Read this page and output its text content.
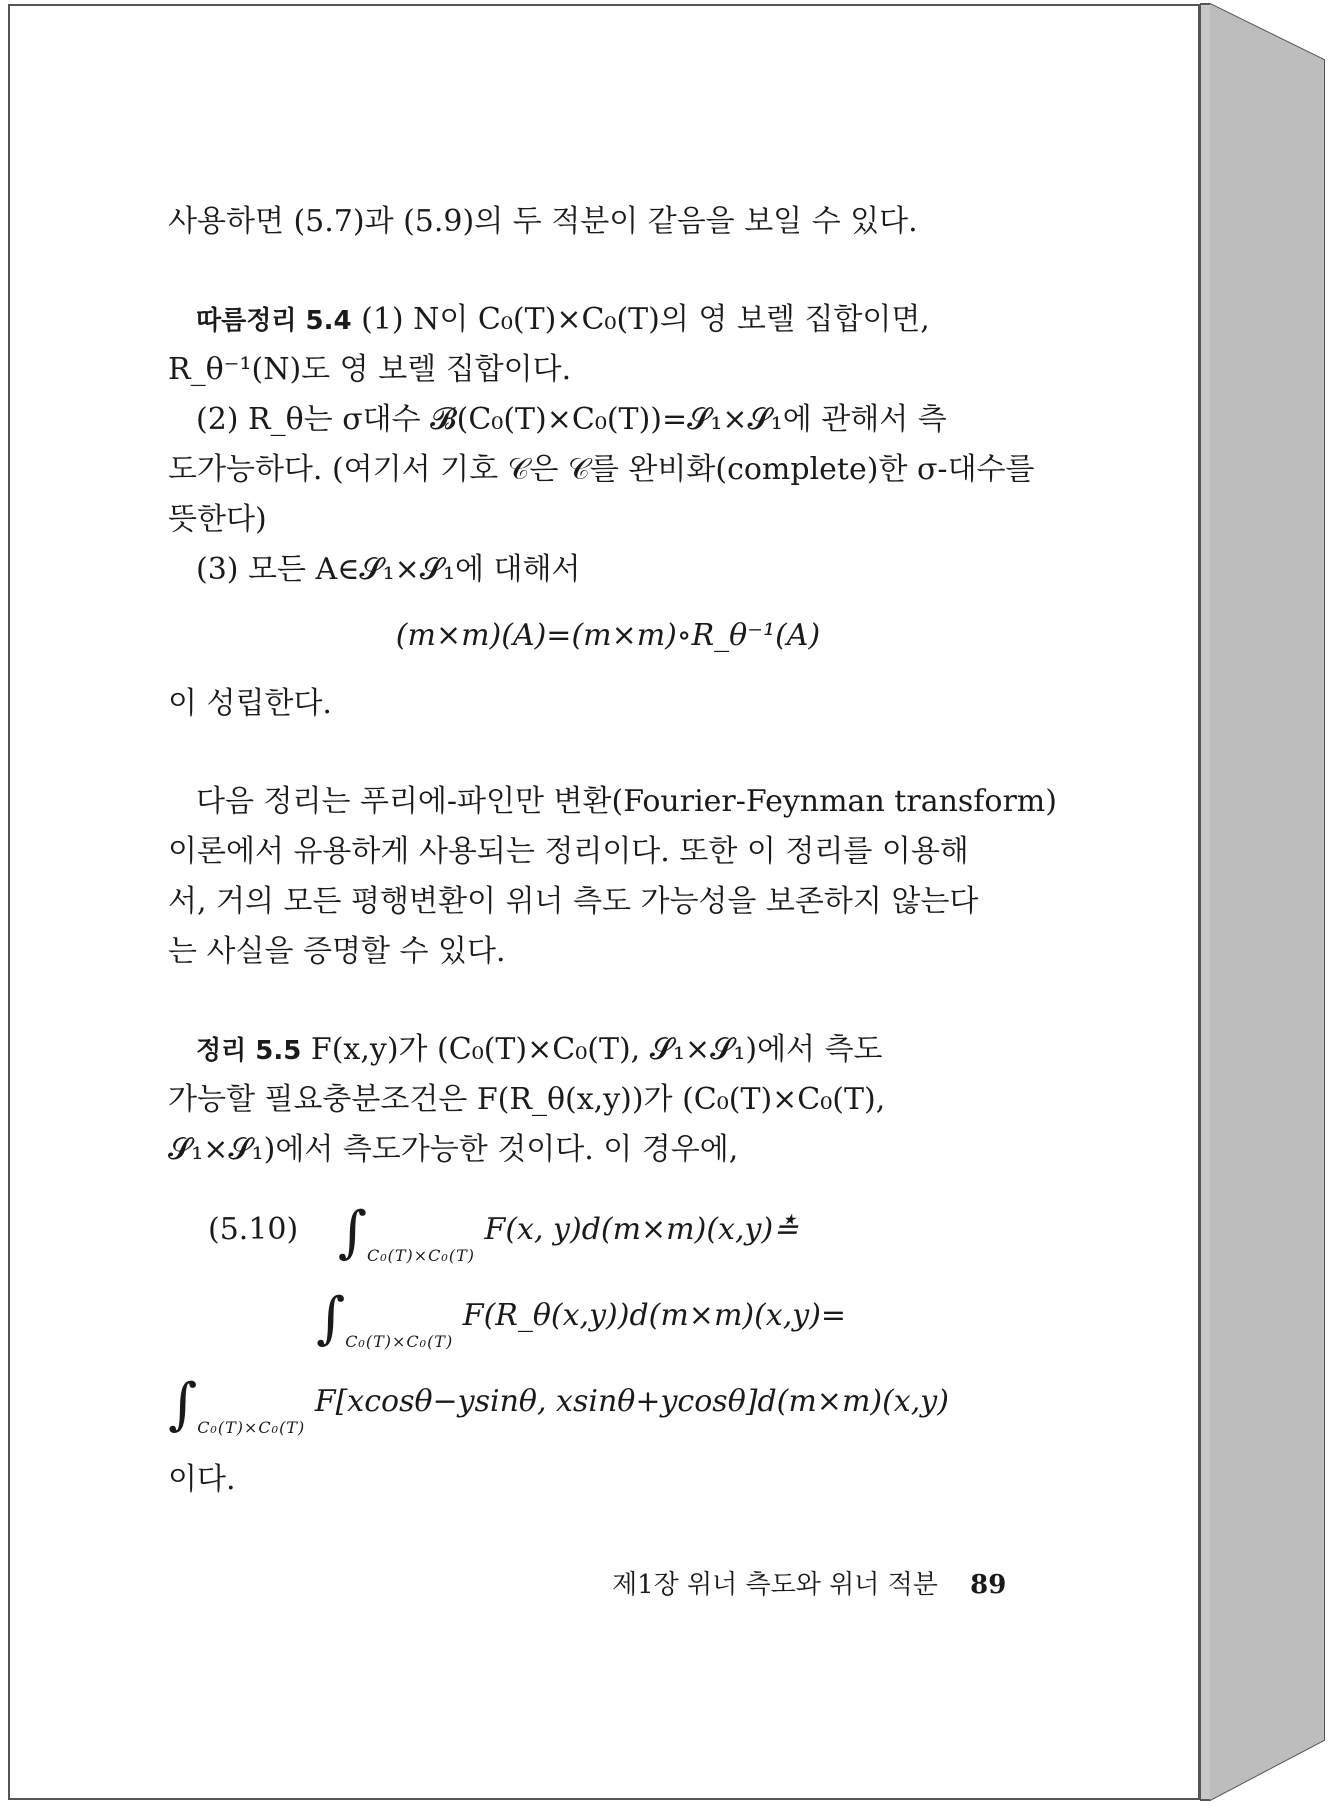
사용하면 (5.7)과 (5.9)의 두 적분이 같음을 보일 수 있다.
따름정리 5.4 (1) N이 C₀(T)×C₀(T)의 영 보렐 집합이면,
R_θ⁻¹(N)도 영 보렐 집합이다.
(2) R_θ는 σ대수 𝓑(C₀(T)×C₀(T))=𝓢₁×𝓢₁에 관해서 측
도가능하다. (여기서 기호 𝒞은 𝒞를 완비화(complete)한 σ-대수를
뜻한다)
(3) 모든 A∈𝓢₁×𝓢₁에 대해서
(m×m)(A)=(m×m)∘R_θ⁻¹(A)
이 성립한다.
다음 정리는 푸리에-파인만 변환(Fourier-Feynman transform)
이론에서 유용하게 사용되는 정리이다. 또한 이 정리를 이용해
서, 거의 모든 평행변환이 위너 측도 가능성을 보존하지 않는다
는 사실을 증명할 수 있다.
정리 5.5 F(x,y)가 (C₀(T)×C₀(T), 𝓢₁×𝓢₁)에서 측도
가능할 필요충분조건은 F(R_θ(x,y))가 (C₀(T)×C₀(T),
𝓢₁×𝓢₁)에서 측도가능한 것이다. 이 경우에,
(5.10) $\int_{C_0(T)\times C_0(T)}$ F(x, y)d(m×m)(x,y)≛
$\int_{C_0(T)\times C_0(T)}$ F(R_θ(x,y))d(m×m)(x,y)=
$\int_{C_0(T)\times C_0(T)}$ F[xcosθ−ysinθ, xsinθ+ycosθ]d(m×m)(x,y)
이다.
제1장 위너 측도와 위너 적분 89
